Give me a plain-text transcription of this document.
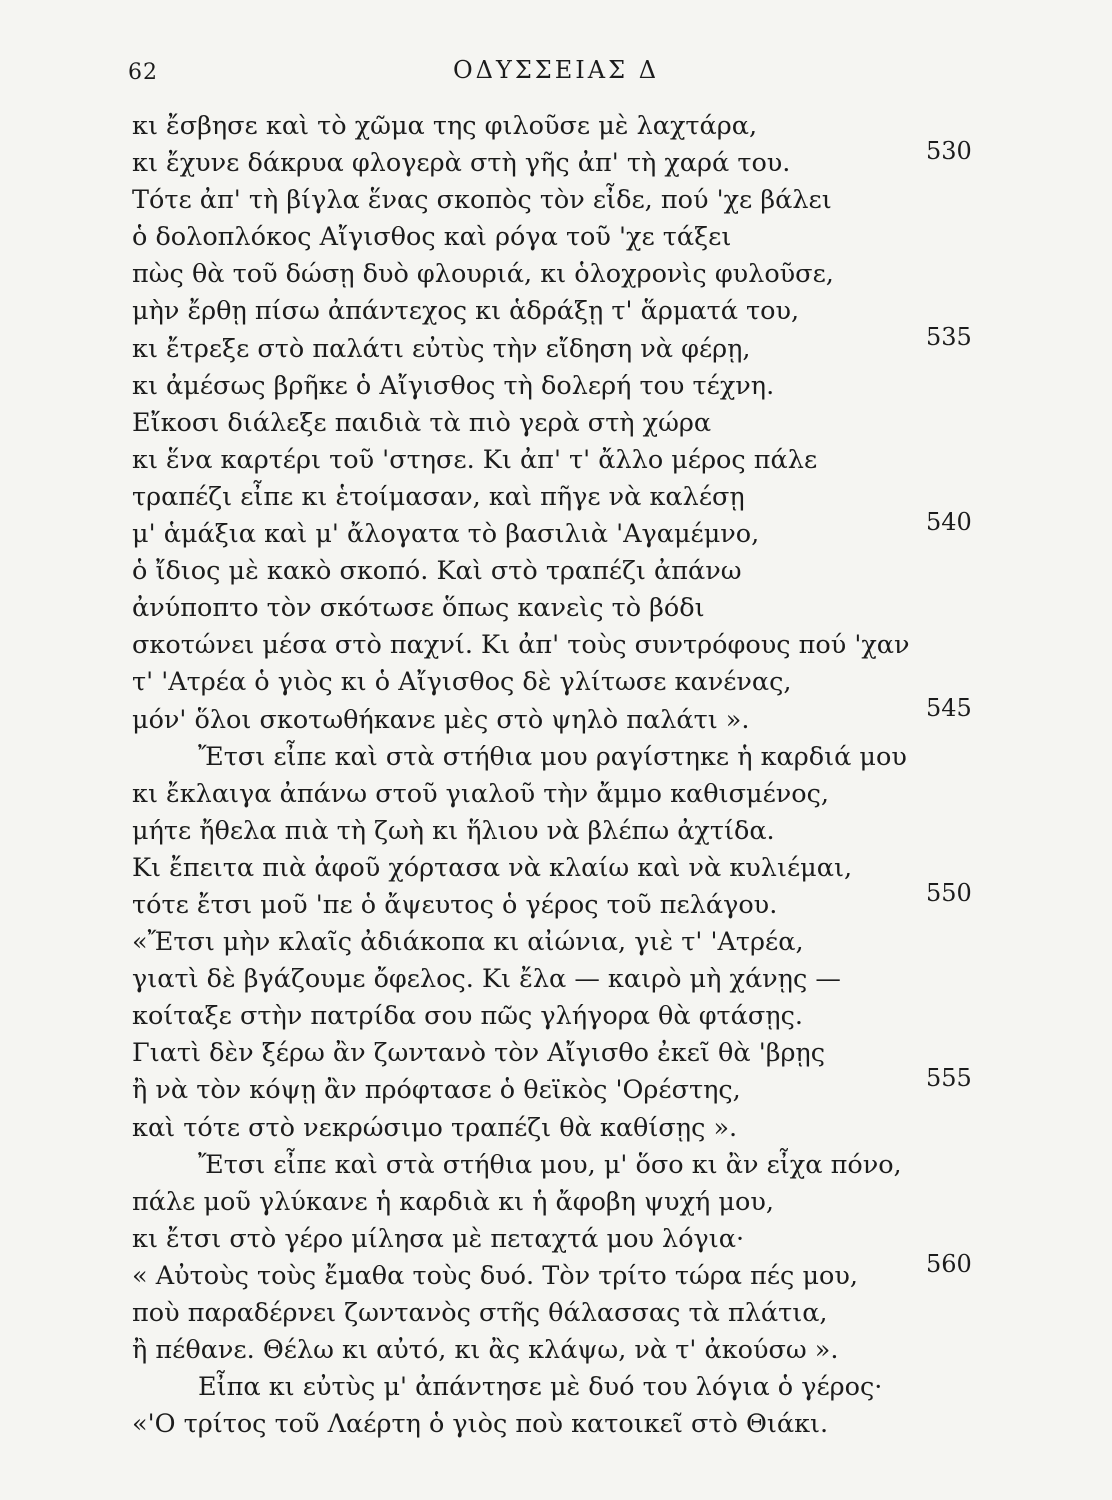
62	ΟΔΥΣΣΕΙΑΣ Δ
κι ἔσβησε καὶ τὸ χῶμα της φιλοῦσε μὲ λαχτάρα,
κι ἔχυνε δάκρυα φλογερὰ στὴ γῆς ἀπ' τὴ χαρά του.	530
Τότε ἀπ' τὴ βίγλα ἕνας σκοπὸς τὸν εἶδε, πού 'χε βάλει
ὁ δολοπλόκος Αἴγισθος καὶ ρόγα τοῦ 'χε τάξει
πὼς θὰ τοῦ δώσῃ δυὸ φλουριά, κι ὁλοχρονὶς φυλοῦσε,
μὴν ἔρθῃ πίσω ἀπάντεχος κι ἁδράξῃ τ' ἅρματά του,
κι ἔτρεξε στὸ παλάτι εὐτὺς τὴν εἴδηση νὰ φέρῃ,	535
κι ἀμέσως βρῆκε ὁ Αἴγισθος τὴ δολερή του τέχνη.
Εἴκοσι διάλεξε παιδιὰ τὰ πιὸ γερὰ στὴ χώρα
κι ἕνα καρτέρι τοῦ 'στησε. Κι ἀπ' τ' ἄλλο μέρος πάλε
τραπέζι εἶπε κι ἑτοίμασαν, καὶ πῆγε νὰ καλέσῃ
μ' ἁμάξια καὶ μ' ἄλογατα τὸ βασιλιὰ 'Αγαμέμνο,	540
ὁ ἴδιος μὲ κακὸ σκοπό. Καὶ στὸ τραπέζι ἀπάνω
ἀνύποπτο τὸν σκότωσε ὅπως κανεὶς τὸ βόδι
σκοτώνει μέσα στὸ παχνί. Κι ἀπ' τοὺς συντρόφους πού 'χαν
τ' 'Ατρέα ὁ γιὸς κι ὁ Αἴγισθος δὲ γλίτωσε κανένας,
μόν' ὅλοι σκοτωθήκανε μὲς στὸ ψηλὸ παλάτι ».	545
Ἔτσι εἶπε καὶ στὰ στήθια μου ραγίστηκε ἡ καρδιά μου
κι ἔκλαιγα ἀπάνω στοῦ γιαλοῦ τὴν ἄμμο καθισμένος,
μήτε ἤθελα πιὰ τὴ ζωὴ κι ἥλιου νὰ βλέπω ἀχτίδα.
Κι ἔπειτα πιὰ ἀφοῦ χόρτασα νὰ κλαίω καὶ νὰ κυλιέμαι,
τότε ἔτσι μοῦ 'πε ὁ ἄψευτος ὁ γέρος τοῦ πελάγου.	550
«Ἔτσι μὴν κλαῖς ἀδιάκοπα κι αἰώνια, γιὲ τ' 'Ατρέα,
γιατὶ δὲ βγάζουμε ὄφελος. Κι ἔλα — καιρὸ μὴ χάνῃς —
κοίταξε στὴν πατρίδα σου πῶς γλήγορα θὰ φτάσῃς.
Γιατὶ δὲν ξέρω ἂν ζωντανὸ τὸν Αἴγισθο ἐκεῖ θὰ 'βρῃς
ἢ νὰ τὸν κόψῃ ἂν πρόφτασε ὁ θεϊκὸς 'Ορέστης,	555
καὶ τότε στὸ νεκρώσιμο τραπέζι θὰ καθίσῃς ».
Ἔτσι εἶπε καὶ στὰ στήθια μου, μ' ὅσο κι ἂν εἶχα πόνο,
πάλε μοῦ γλύκανε ἡ καρδιὰ κι ἡ ἄφοβη ψυχή μου,
κι ἔτσι στὸ γέρο μίλησα μὲ πεταχτά μου λόγια·
« Αὐτοὺς τοὺς ἔμαθα τοὺς δυό. Τὸν τρίτο τώρα πές μου,	560
ποὺ παραδέρνει ζωντανὸς στῆς θάλασσας τὰ πλάτια,
ἢ πέθανε. Θέλω κι αὐτό, κι ἂς κλάψω, νὰ τ' ἀκούσω ».
Εἶπα κι εὐτὺς μ' ἀπάντησε μὲ δυό του λόγια ὁ γέρος·
«'Ο τρίτος τοῦ Λαέρτη ὁ γιὸς ποὺ κατοικεῖ στὸ Θιάκι.
